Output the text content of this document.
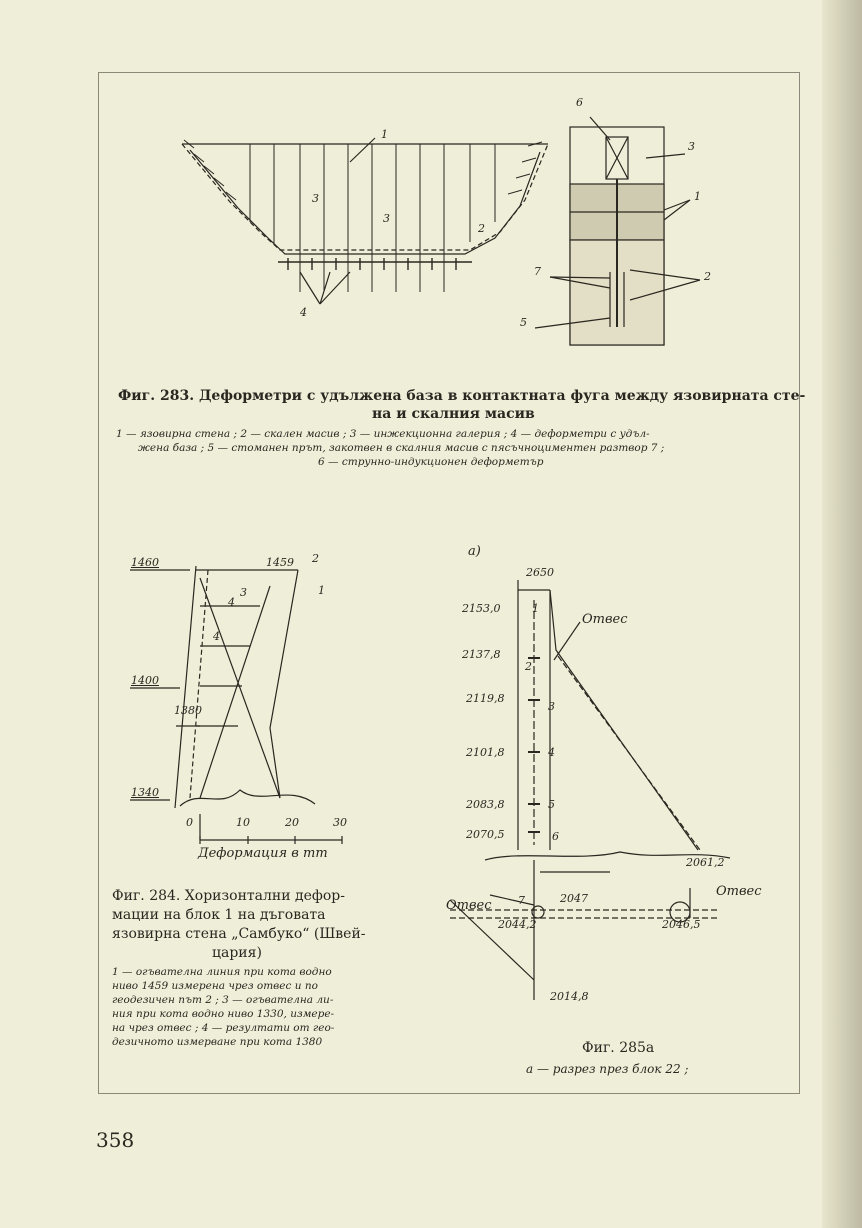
1
2
3
3
4
6
3
1
7	2
5
Фиг. 283. Деформетри с удължена база в контактната фуга между язовирната сте-
на и скалния масив
1 — язовирна стена ; 2 — скален масив ; 3 — инжекционна галерия ; 4 — деформетри с удъл-
жена база ; 5 — стоманен прът, закотвен в скалния масив с пясъчноциментен разтвор 7 ;
6 — струнно-индукционен деформетър
1460
1400
1340
1459
1380
0	10	20	30
Деформация в mm
1
2
3
4
4
Фиг. 284. Хоризонтални дефор-
мации на блок 1 на дъговата
язовирна стена „Самбуко“ (Швей-
цария)
1 — огъвателна линия при кота водно
ниво 1459 измерена чрез отвес и по
геодезичен път 2 ; 3 — огъвателна ли-
ния при кота водно ниво 1330, измере-
на чрез отвес ; 4 — резултати от гео-
дезичното измерване при кота 1380
а)
2650
2153,0
2137,8
2119,8
2101,8
2083,8
2070,5
Отвес
Отвес
Отвес
1
2
3
4
5
6
7	2047
2044,2	2046,5
2014,8
2061,2
Фиг. 285а
а — разрез през блок 22 ;
358
